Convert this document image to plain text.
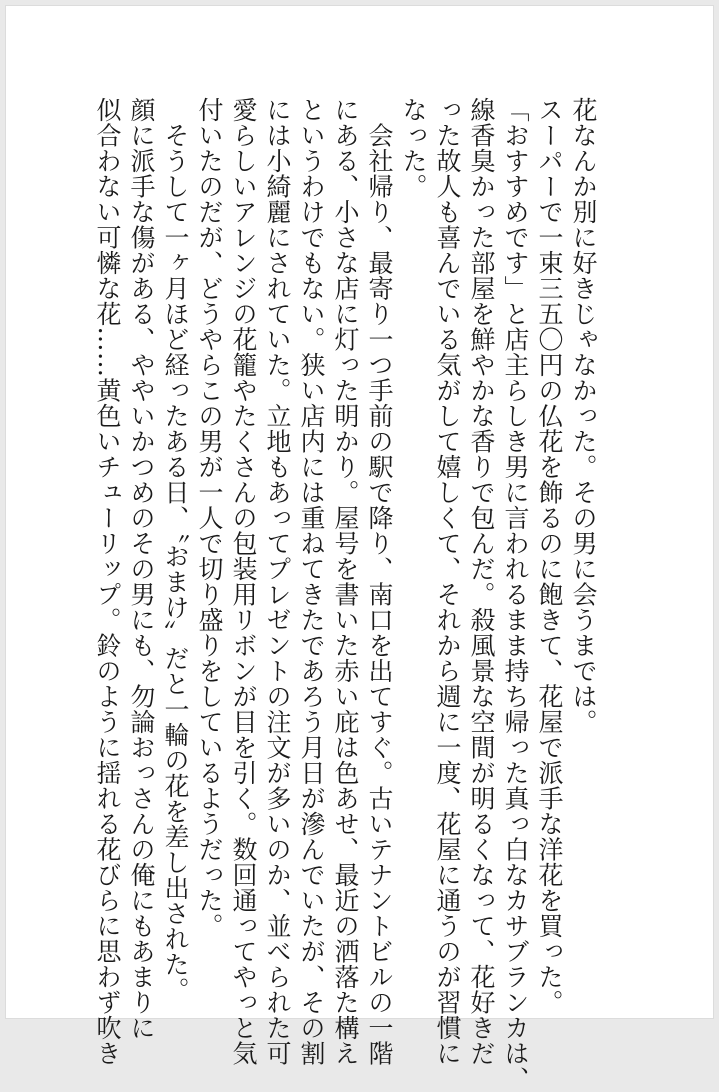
花なんか別に好きじゃなかった。その男に会うまでは。
スーパーで一束三五〇円の仏花を飾るのに飽きて、花屋で派手な洋花を買った。
「おすすめです」と店主らしき男に言われるまま持ち帰った真っ白なカサブランカは、
線香臭かった部屋を鮮やかな香りで包んだ。殺風景な空間が明るくなって、花好きだ
った故人も喜んでいる気がして嬉しくて、それから週に一度、花屋に通うのが習慣に
なった。
　会社帰り、最寄り一つ手前の駅で降り、南口を出てすぐ。古いテナントビルの一階
にある、小さな店に灯った明かり。屋号を書いた赤い庇は色あせ、最近の洒落た構え
というわけでもない。狭い店内には重ねてきたであろう月日が滲んでいたが、その割
には小綺麗にされていた。立地もあってプレゼントの注文が多いのか、並べられた可
愛らしいアレンジの花籠やたくさんの包装用リボンが目を引く。数回通ってやっと気
付いたのだが、どうやらこの男が一人で切り盛りをしているようだった。
　そうして一ヶ月ほど経ったある日、〝おまけ〟だと一輪の花を差し出された。
顔に派手な傷がある、ややいかつめのその男にも、勿論おっさんの俺にもあまりに
似合わない可憐な花……黄色いチューリップ。鈴のように揺れる花びらに思わず吹き
